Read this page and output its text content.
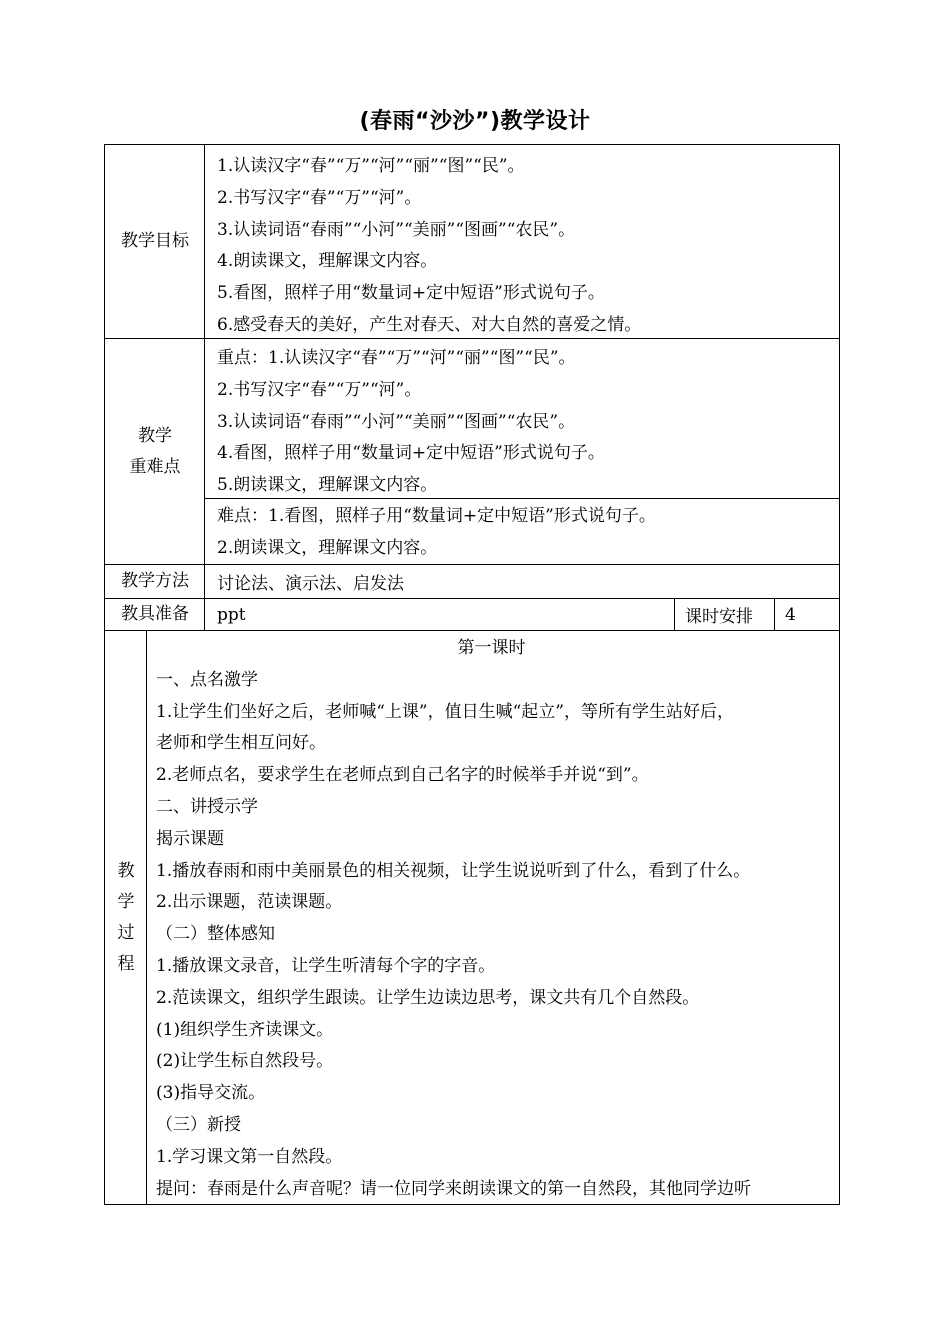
(春雨“沙沙”)教学设计
教学目标
1.认读汉字“春”“万”“河”“丽”“图”“民”。
2.书写汉字“春”“万”“河”。
3.认读词语“春雨”“小河”“美丽”“图画”“农民”。
4.朗读课文，理解课文内容。
5.看图，照样子用“数量词+定中短语”形式说句子。
6.感受春天的美好，产生对春天、对大自然的喜爱之情。
教学
重难点
重点：1.认读汉字“春”“万”“河”“丽”“图”“民”。
2.书写汉字“春”“万”“河”。
3.认读词语“春雨”“小河”“美丽”“图画”“农民”。
4.看图，照样子用“数量词+定中短语”形式说句子。
5.朗读课文，理解课文内容。
难点：1.看图，照样子用“数量词+定中短语”形式说句子。
2.朗读课文，理解课文内容。
教学方法 讨论法、演示法、启发法
教具准备 ppt	课时安排 4
教
学
过
程
第一课时
一、点名激学
1.让学生们坐好之后，老师喊“上课”，值日生喊“起立”，等所有学生站好后，
老师和学生相互问好。
2.老师点名，要求学生在老师点到自己名字的时候举手并说“到”。
二、讲授示学
揭示课题
1.播放春雨和雨中美丽景色的相关视频，让学生说说听到了什么，看到了什么。
2.出示课题，范读课题。
（二）整体感知
1.播放课文录音，让学生听清每个字的字音。
2.范读课文，组织学生跟读。让学生边读边思考，课文共有几个自然段。
(1)组织学生齐读课文。
(2)让学生标自然段号。
(3)指导交流。
（三）新授
1.学习课文第一自然段。
提问：春雨是什么声音呢？请一位同学来朗读课文的第一自然段，其他同学边听
